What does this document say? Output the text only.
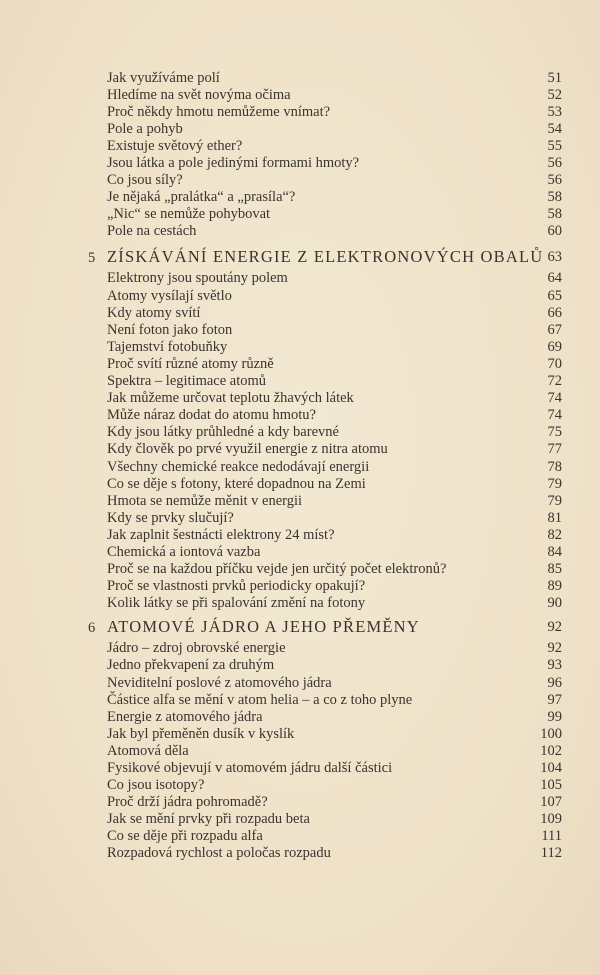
Jak využíváme polí	51
Hledíme na svět novýma očima	52
Proč někdy hmotu nemůžeme vnímat?	53
Pole a pohyb	54
Existuje světový ether?	55
Jsou látka a pole jedinými formami hmoty?	56
Co jsou síly?	56
Je nějaká „pralátka“ a „prasíla“?	58
„Nic“ se nemůže pohybovat	58
Pole na cestách	60
5 ZÍSKÁVÁNÍ ENERGIE Z ELEKTRONOVÝCH OBALŮ 63
Elektrony jsou spoutány polem	64
Atomy vysílají světlo	65
Kdy atomy svítí	66
Není foton jako foton	67
Tajemství fotobuňky	69
Proč svítí různé atomy různě	70
Spektra – legitimace atomů	72
Jak můžeme určovat teplotu žhavých látek	74
Může náraz dodat do atomu hmotu?	74
Kdy jsou látky průhledné a kdy barevné	75
Kdy člověk po prvé využil energie z nitra atomu	77
Všechny chemické reakce nedodávají energii	78
Co se děje s fotony, které dopadnou na Zemi	79
Hmota se nemůže měnit v energii	79
Kdy se prvky slučují?	81
Jak zaplnit šestnácti elektrony 24 míst?	82
Chemická a iontová vazba	84
Proč se na každou příčku vejde jen určitý počet elektronů?	85
Proč se vlastnosti prvků periodicky opakují?	89
Kolik látky se při spalování změní na fotony	90
6 ATOMOVÉ JÁDRO A JEHO PŘEMĚNY	92
Jádro – zdroj obrovské energie	92
Jedno překvapení za druhým	93
Neviditelní poslové z atomového jádra	96
Částice alfa se mění v atom helia – a co z toho plyne	97
Energie z atomového jádra	99
Jak byl přeměněn dusík v kyslík	100
Atomová děla	102
Fysikové objevují v atomovém jádru další částici	104
Co jsou isotopy?	105
Proč drží jádra pohromadě?	107
Jak se mění prvky při rozpadu beta	109
Co se děje při rozpadu alfa	111
Rozpadová rychlost a poločas rozpadu	112
